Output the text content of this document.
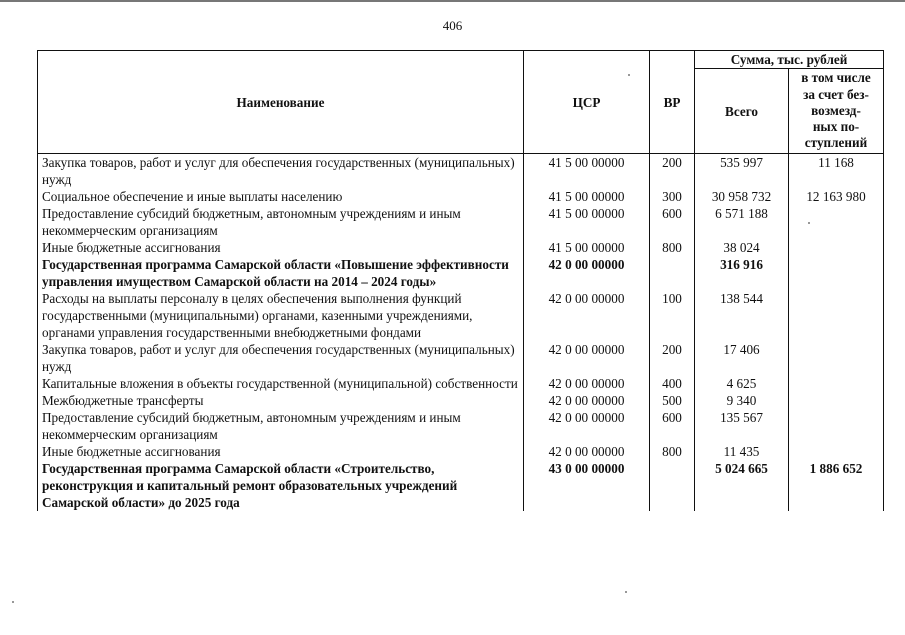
406
Наименование	ЦСР	ВР	Сумма, тыс. рублей	
			Всего	в том числе
за счет без-
возмезд-
ных по-
ступлений
Закупка товаров, работ и услуг для обеспечения государственных (муниципальных) нужд	41 5 00 00000	200	535 997	11 168
Социальное обеспечение и иные выплаты населению	41 5 00 00000	300	30 958 732	12 163 980
Предоставление субсидий бюджетным, автономным учреждениям и иным некоммерческим организациям	41 5 00 00000	600	6 571 188	
Иные бюджетные ассигнования	41 5 00 00000	800	38 024	
Государственная программа Самарской области «Повышение эффективности управления имуществом Самарской области на 2014 – 2024 годы»	42 0 00 00000		316 916	
Расходы на выплаты персоналу в целях обеспечения выполнения функций государственными (муниципальными) органами, казенными учреждениями, органами управления государственными внебюджетными фондами	42 0 00 00000	100	138 544	
Закупка товаров, работ и услуг для обеспечения государственных (муниципальных) нужд	42 0 00 00000	200	17 406	
Капитальные вложения в объекты государственной (муниципальной) собственности	42 0 00 00000	400	4 625	
Межбюджетные трансферты	42 0 00 00000	500	9 340	
Предоставление субсидий бюджетным, автономным учреждениям и иным некоммерческим организациям	42 0 00 00000	600	135 567	
Иные бюджетные ассигнования	42 0 00 00000	800	11 435	
Государственная программа Самарской области «Строительство, реконструкция и капитальный ремонт образовательных учреждений Самарской области» до 2025 года	43 0 00 00000		5 024 665	1 886 652
